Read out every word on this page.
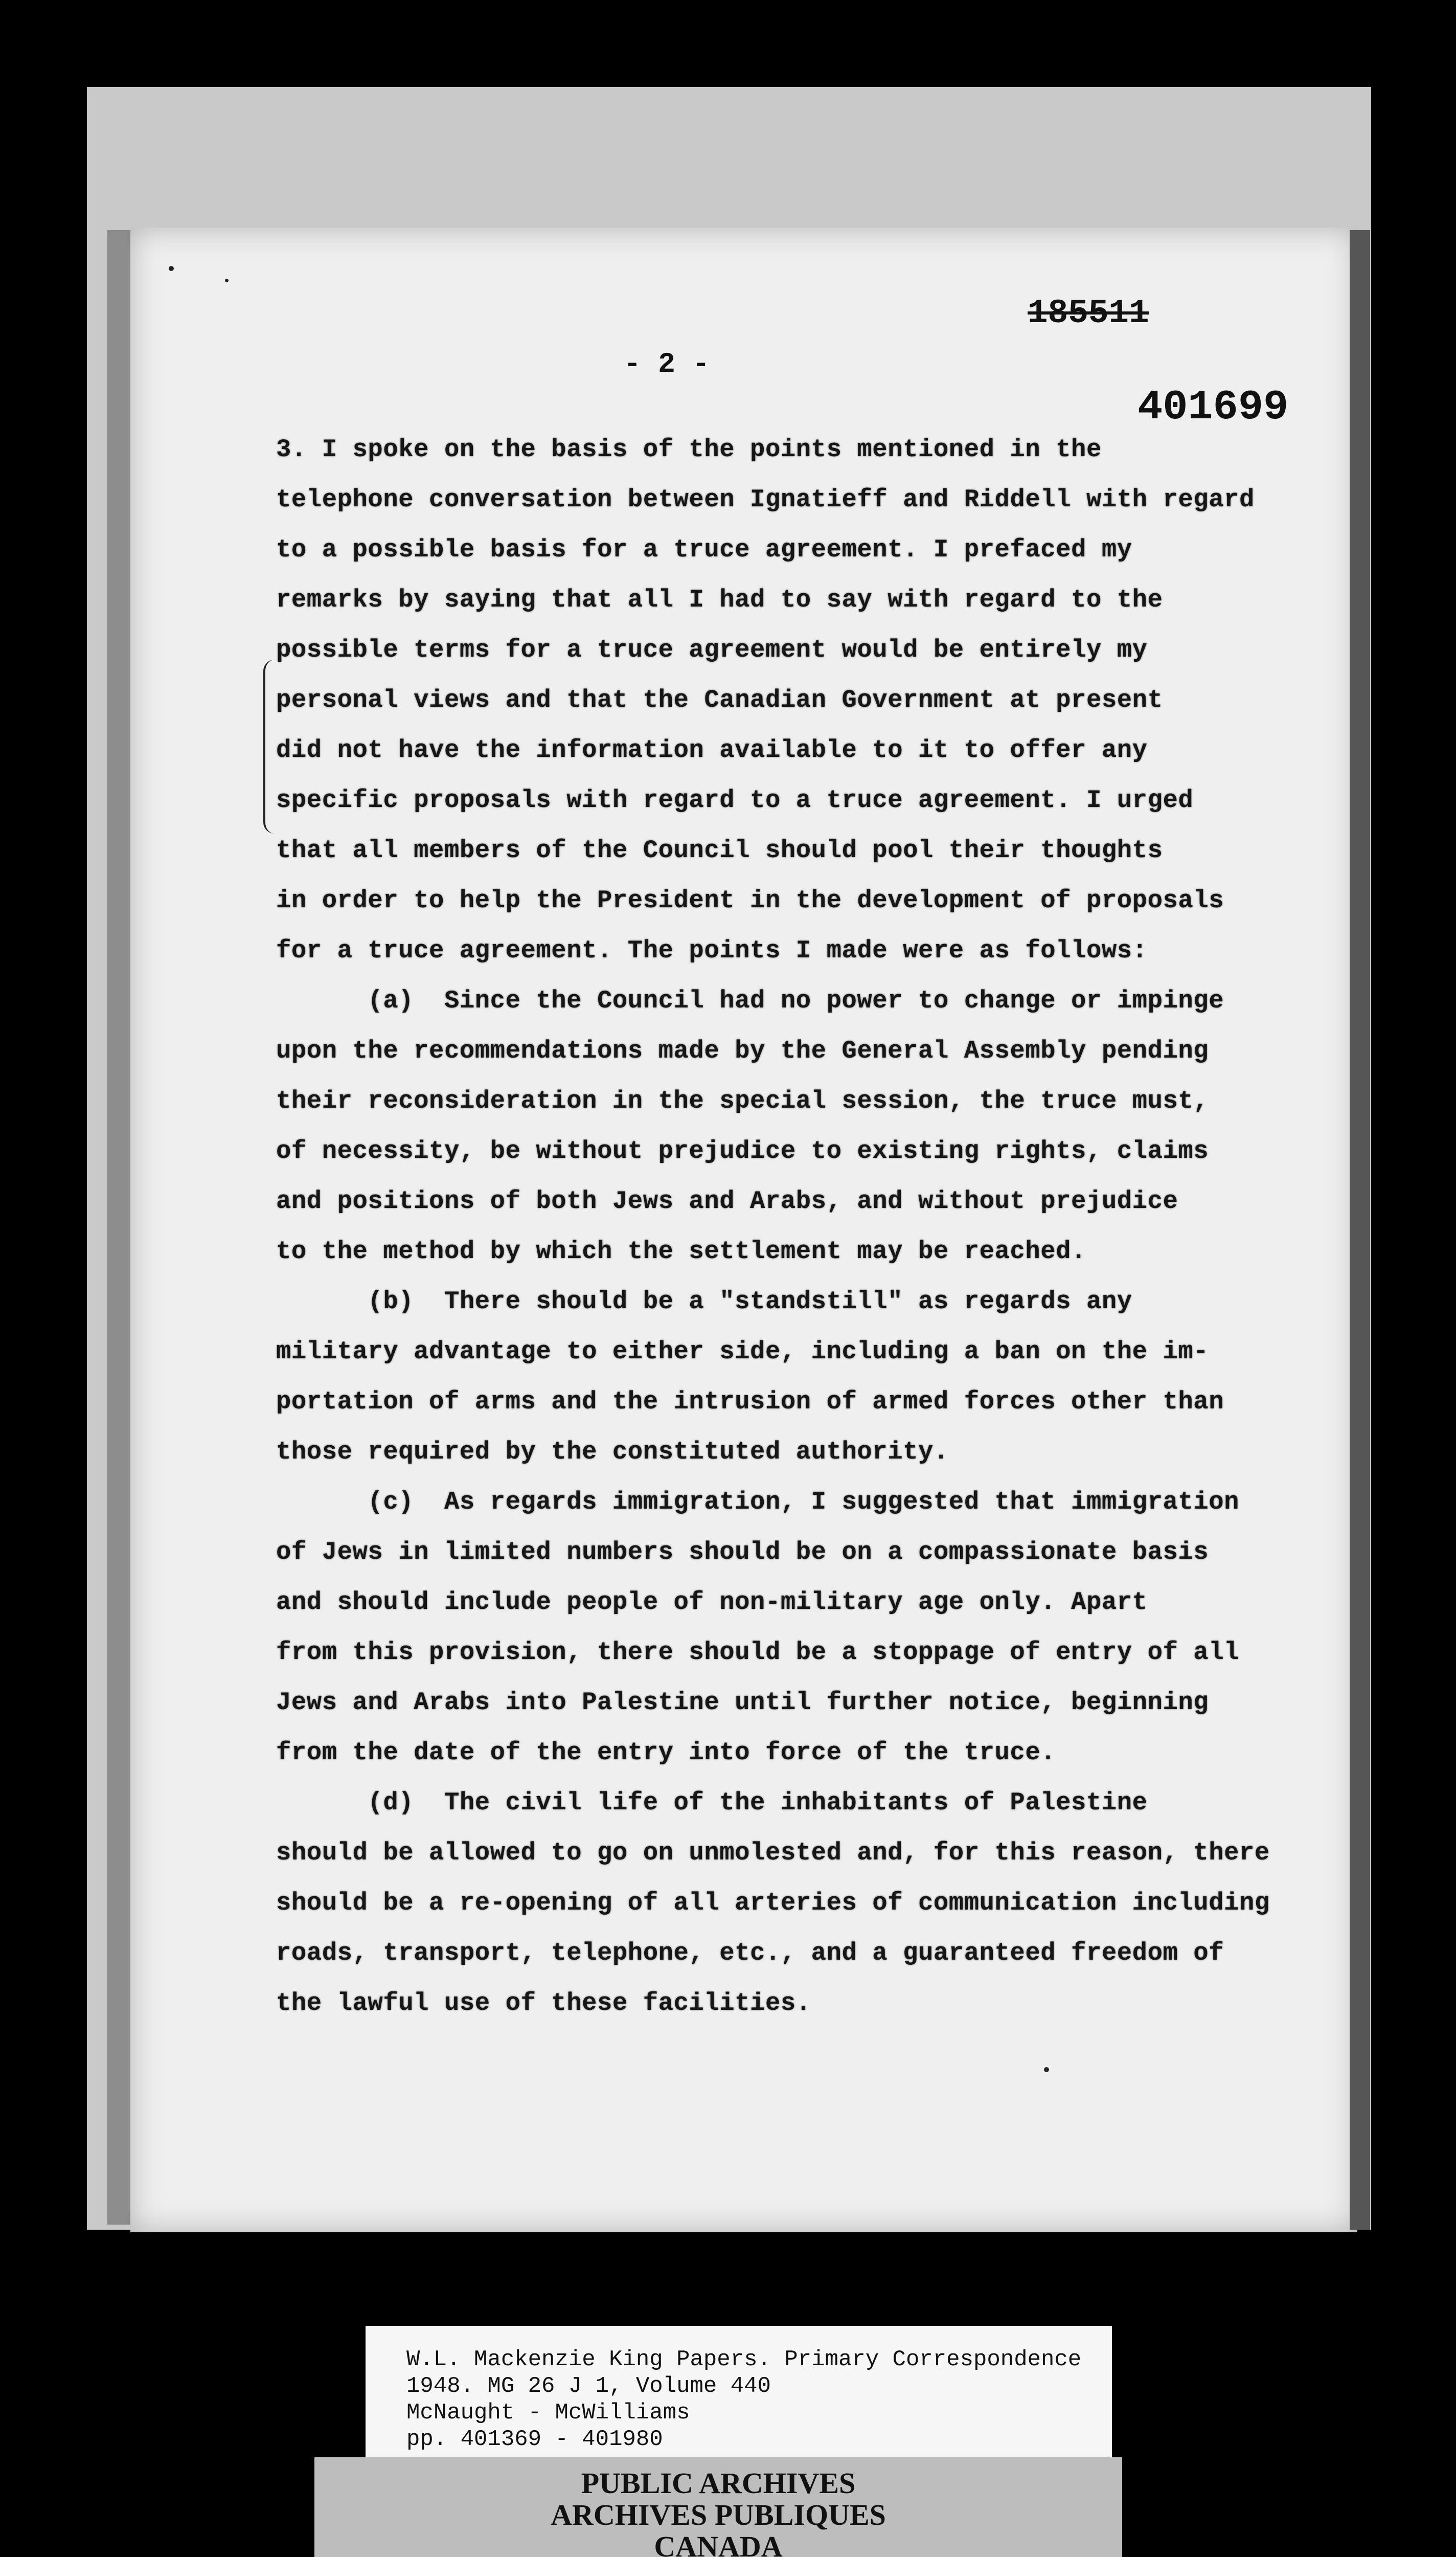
185511
401699
- 2 -
3. I spoke on the basis of the points mentioned in the
telephone conversation between Ignatieff and Riddell with regard
to a possible basis for a truce agreement. I prefaced my
remarks by saying that all I had to say with regard to the
possible terms for a truce agreement would be entirely my
personal views and that the Canadian Government at present
did not have the information available to it to offer any
specific proposals with regard to a truce agreement. I urged
that all members of the Council should pool their thoughts
in order to help the President in the development of proposals
for a truce agreement. The points I made were as follows:
(a)  Since the Council had no power to change or impinge
upon the recommendations made by the General Assembly pending
their reconsideration in the special session, the truce must,
of necessity, be without prejudice to existing rights, claims
and positions of both Jews and Arabs, and without prejudice
to the method by which the settlement may be reached.
(b)  There should be a "standstill" as regards any
military advantage to either side, including a ban on the im-
portation of arms and the intrusion of armed forces other than
those required by the constituted authority.
(c)  As regards immigration, I suggested that immigration
of Jews in limited numbers should be on a compassionate basis
and should include people of non-military age only. Apart
from this provision, there should be a stoppage of entry of all
Jews and Arabs into Palestine until further notice, beginning
from the date of the entry into force of the truce.
(d)  The civil life of the inhabitants of Palestine
should be allowed to go on unmolested and, for this reason, there
should be a re-opening of all arteries of communication including
roads, transport, telephone, etc., and a guaranteed freedom of
the lawful use of these facilities.
W.L. Mackenzie King Papers. Primary Correspondence
1948. MG 26 J 1, Volume 440
McNaught - McWilliams
pp. 401369 - 401980
PUBLIC ARCHIVES
ARCHIVES PUBLIQUES
CANADA
